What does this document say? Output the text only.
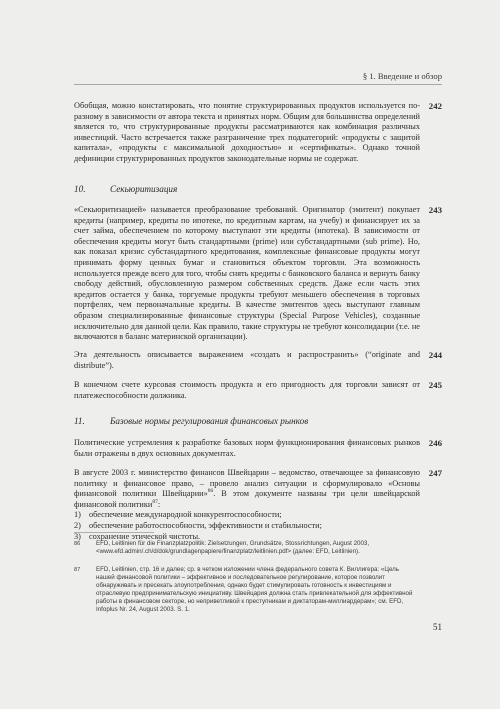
§ 1. Введение и обзор
Обобщая, можно констатировать, что понятие структурированных продуктов используется по-разному в зависимости от автора текста и принятых норм. Общим для большинства определений является то, что структурированные продукты рассматриваются как комбинация различных инвестиций. Часто встречается также разграничение трех подкатегорий: «продукты с защитой капитала», «продукты с максимальной доходностью» и «сертификаты». Однако точной дефиниции структурированных продуктов законодательные нормы не содержат.
242
10.	Секьюритизация
«Секьюритизацией» называется преобразование требований. Оригинатор (эмитент) покупает кредиты (например, кредиты по ипотеке, по кредитным картам, на учебу) и финансирует их за счет займа, обеспечением по которому выступают эти кредиты (ипотека). В зависимости от обеспечения кредиты могут быть стандартными (prime) или субстандартными (sub prime). Но, как показал кризис субстандартного кредитования, комплексные финансовые продукты могут принимать форму ценных бумаг и становиться объектом торговли. Эта возможность используется прежде всего для того, чтобы снять кредиты с банковского баланса и вернуть банку свободу действий, обусловленную размером собственных средств. Даже если часть этих кредитов остается у банка, торгуемые продукты требуют меньшего обеспечения в торговых портфелях, чем первоначальные кредиты. В качестве эмитентов здесь выступают главным образом специализированные финансовые структуры (Special Purpose Vehicles), созданные исключительно для данной цели. Как правило, такие структуры не требуют консолидации (т.е. не включаются в баланс материнской организации).
243
Эта деятельность описывается выражением «создать и распространить» (“originate and distribute”).
244
В конечном счете курсовая стоимость продукта и его пригодность для торговли зависят от платежеспособности должника.
245
11.	Базовые нормы регулирования финансовых рынков
Политические устремления к разработке базовых норм функционирования финансовых рынков были отражены в двух основных документах.
246
В августе 2003 г. министерство финансов Швейцарии – ведомство, отвечающее за финансовую политику и финансовое право, – провело анализ ситуации и сформулировало «Основы финансовой политики Швейцарии»$^{86}$. В этом документе названы три цели швейцарской финансовой политики$^{87}$:
1) обеспечение международной конкурентоспособности;
2) обеспечение работоспособности, эффективности и стабильности;
3) сохранение этической чистоты.
247
86	EFD, Leitlinien für die Finanzplatzpolitik: Zielsetzungen, Grundsätze, Stossrichtungen, August 2003, <www.efd.admin/.ch/d/dok/grundlagenpapiere/finanzplatz/leitlinien.pdf> (далее: EFD, Leitlinien).
87	EFD, Leitlinien, стр. 16 и далее; ср. в четком изложении члена федерального совета К. Виллигера: «Цель нашей финансовой политики – эффективное и последовательное регулирование, которое позволит обнаруживать и пресекать злоупотребления, однако будет стимулировать готовность к инвестициям и отраслевую предпринимательскую инициативу. Швейцария должна стать привлекательной для эффективной работы в финансовом секторе, но неприветливой к преступникам и диктаторам-миллиардерам»; см. EFD, Infoplus Nr. 24, August 2003. S. 1.
51
